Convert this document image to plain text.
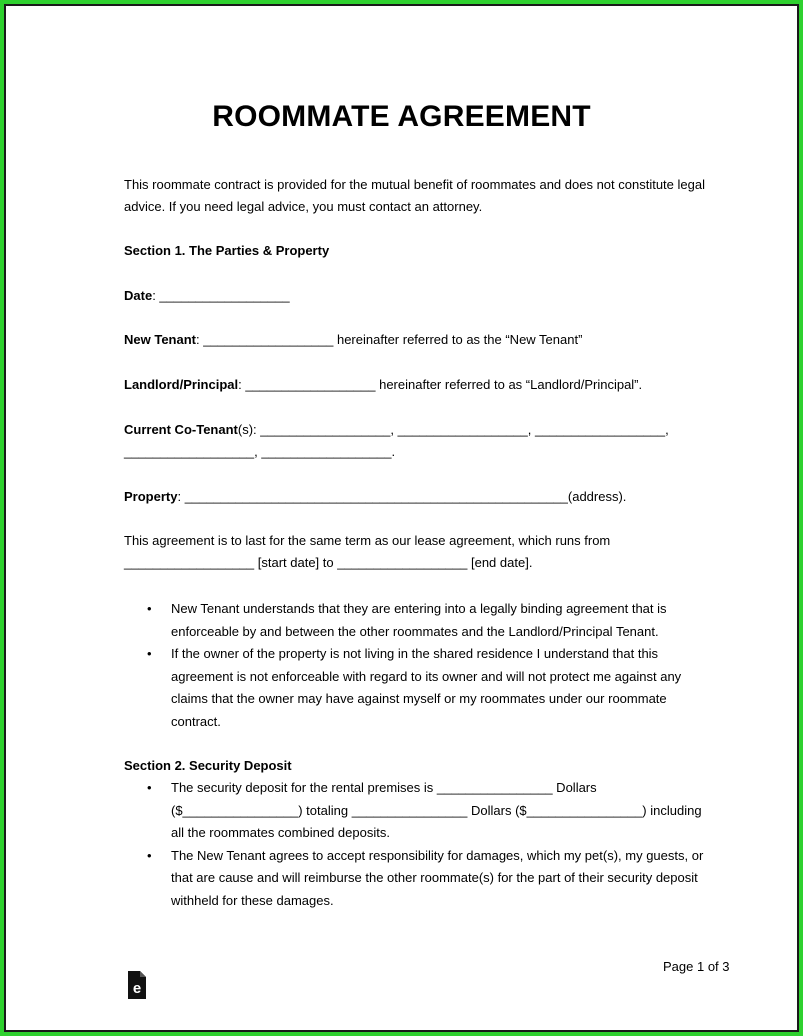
ROOMMATE AGREEMENT
This roommate contract is provided for the mutual benefit of roommates and does not constitute legal advice. If you need legal advice, you must contact an attorney.
Section 1. The Parties & Property
Date: __________________
New Tenant: __________________ hereinafter referred to as the “New Tenant”
Landlord/Principal: __________________ hereinafter referred to as “Landlord/Principal”.
Current Co-Tenant(s): __________________, __________________, __________________,
__________________, __________________.
Property: _____________________________________________________(address).
This agreement is to last for the same term as our lease agreement, which runs from
__________________ [start date] to __________________ [end date].
• New Tenant understands that they are entering into a legally binding agreement that is enforceable by and between the other roommates and the Landlord/Principal Tenant.
• If the owner of the property is not living in the shared residence I understand that this agreement is not enforceable with regard to its owner and will not protect me against any claims that the owner may have against myself or my roommates under our roommate contract.
Section 2. Security Deposit
• The security deposit for the rental premises is ________________ Dollars ($________________) totaling ________________ Dollars ($________________) including all the roommates combined deposits.
• The New Tenant agrees to accept responsibility for damages, which my pet(s), my guests, or that are cause and will reimburse the other roommate(s) for the part of their security deposit withheld for these damages.
Page 1 of 3
e
